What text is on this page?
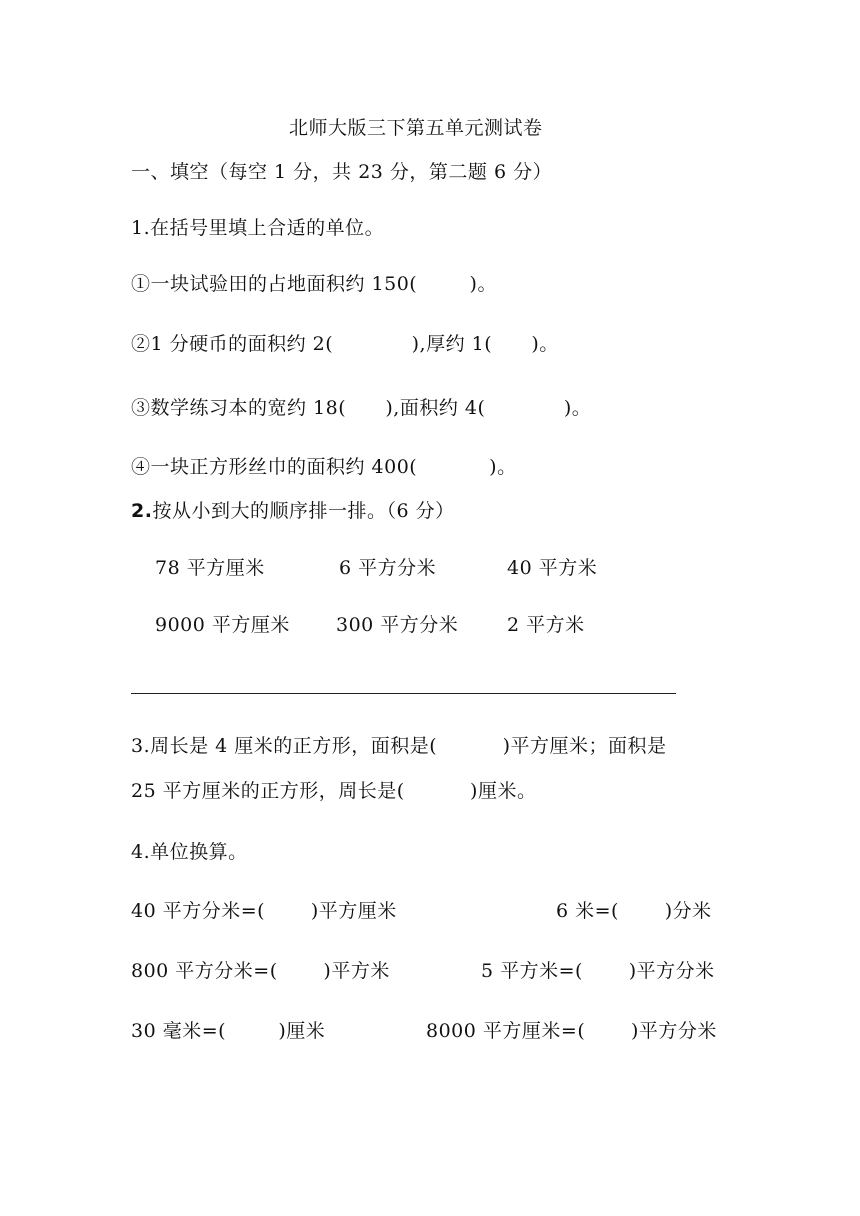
北师大版三下第五单元测试卷
一、填空（每空 1 分，共 23 分，第二题 6 分）
1.在括号里填上合适的单位。
①一块试验田的占地面积约 150(        )。
②1 分硬币的面积约 2(            ),厚约 1(      )。
③数学练习本的宽约 18(      ),面积约 4(            )。
④一块正方形丝巾的面积约 400(           )。
2.按从小到大的顺序排一排。（6 分）
78 平方厘米	6 平方分米	40 平方米
9000 平方厘米 300 平方分米	2 平方米
3.周长是 4 厘米的正方形，面积是(          )平方厘米；面积是
25 平方厘米的正方形，周长是(          )厘米。
4.单位换算。
40 平方分米=(       )平方厘米	6 米=(       )分米
800 平方分米=(       )平方米	5 平方米=(       )平方分米
30 毫米=(        )厘米	8000 平方厘米=(       )平方分米
